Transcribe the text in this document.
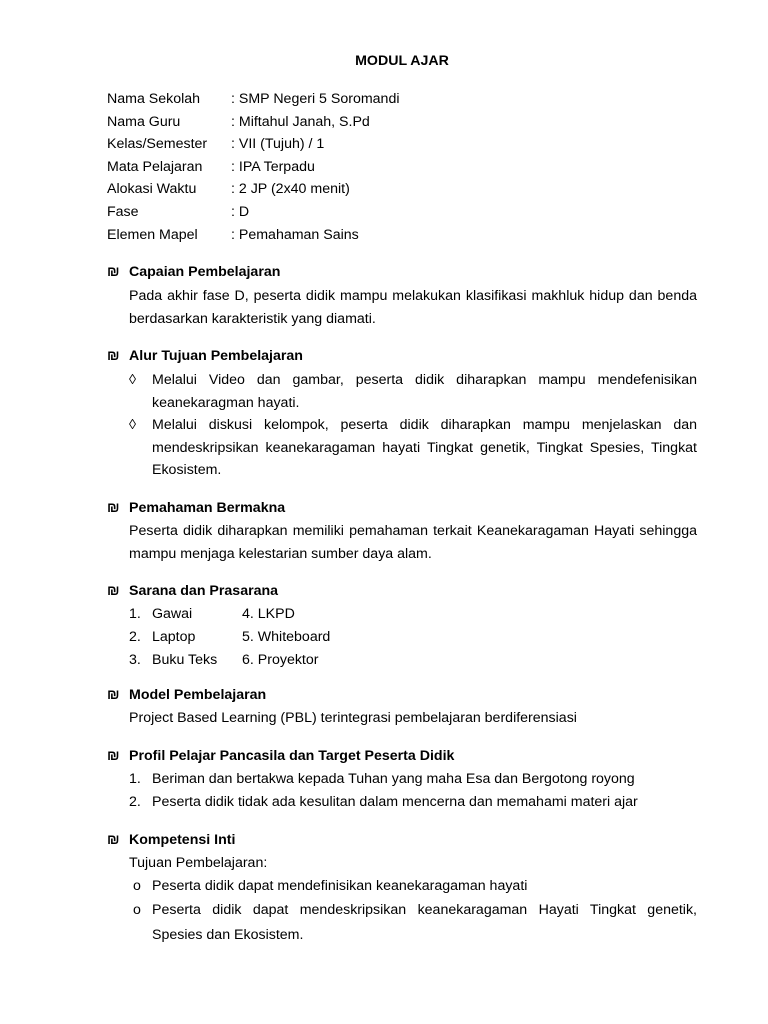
MODUL AJAR
Nama Sekolah : SMP Negeri 5 Soromandi
Nama Guru	: Miftahul Janah, S.Pd
Kelas/Semester : VII (Tujuh) / 1
Mata Pelajaran : IPA Terpadu
Alokasi Waktu : 2 JP (2x40 menit)
Fase	: D
Elemen Mapel : Pemahaman Sains
₪ Capaian Pembelajaran
Pada akhir fase D, peserta didik mampu melakukan klasifikasi makhluk hidup dan benda berdasarkan karakteristik yang diamati.
₪ Alur Tujuan Pembelajaran
◊ Melalui Video dan gambar, peserta didik diharapkan mampu mendefenisikan keanekaragman hayati.
◊ Melalui diskusi kelompok, peserta didik diharapkan mampu menjelaskan dan mendeskripsikan keanekaragaman hayati Tingkat genetik, Tingkat Spesies, Tingkat Ekosistem.
₪ Pemahaman Bermakna
Peserta didik diharapkan memiliki pemahaman terkait Keanekaragaman Hayati sehingga mampu menjaga kelestarian sumber daya alam.
₪ Sarana dan Prasarana
1. Gawai
2. Laptop
3. Buku Teks
4. LKPD
5. Whiteboard
6. Proyektor
₪ Model Pembelajaran
Project Based Learning (PBL) terintegrasi pembelajaran berdiferensiasi
₪ Profil Pelajar Pancasila dan Target Peserta Didik
1. Beriman dan bertakwa kepada Tuhan yang maha Esa dan Bergotong royong
2. Peserta didik tidak ada kesulitan dalam mencerna dan memahami materi ajar
₪ Kompetensi Inti
Tujuan Pembelajaran:
o Peserta didik dapat mendefinisikan keanekaragaman hayati
o Peserta didik dapat mendeskripsikan keanekaragaman Hayati Tingkat genetik, Spesies dan Ekosistem.
